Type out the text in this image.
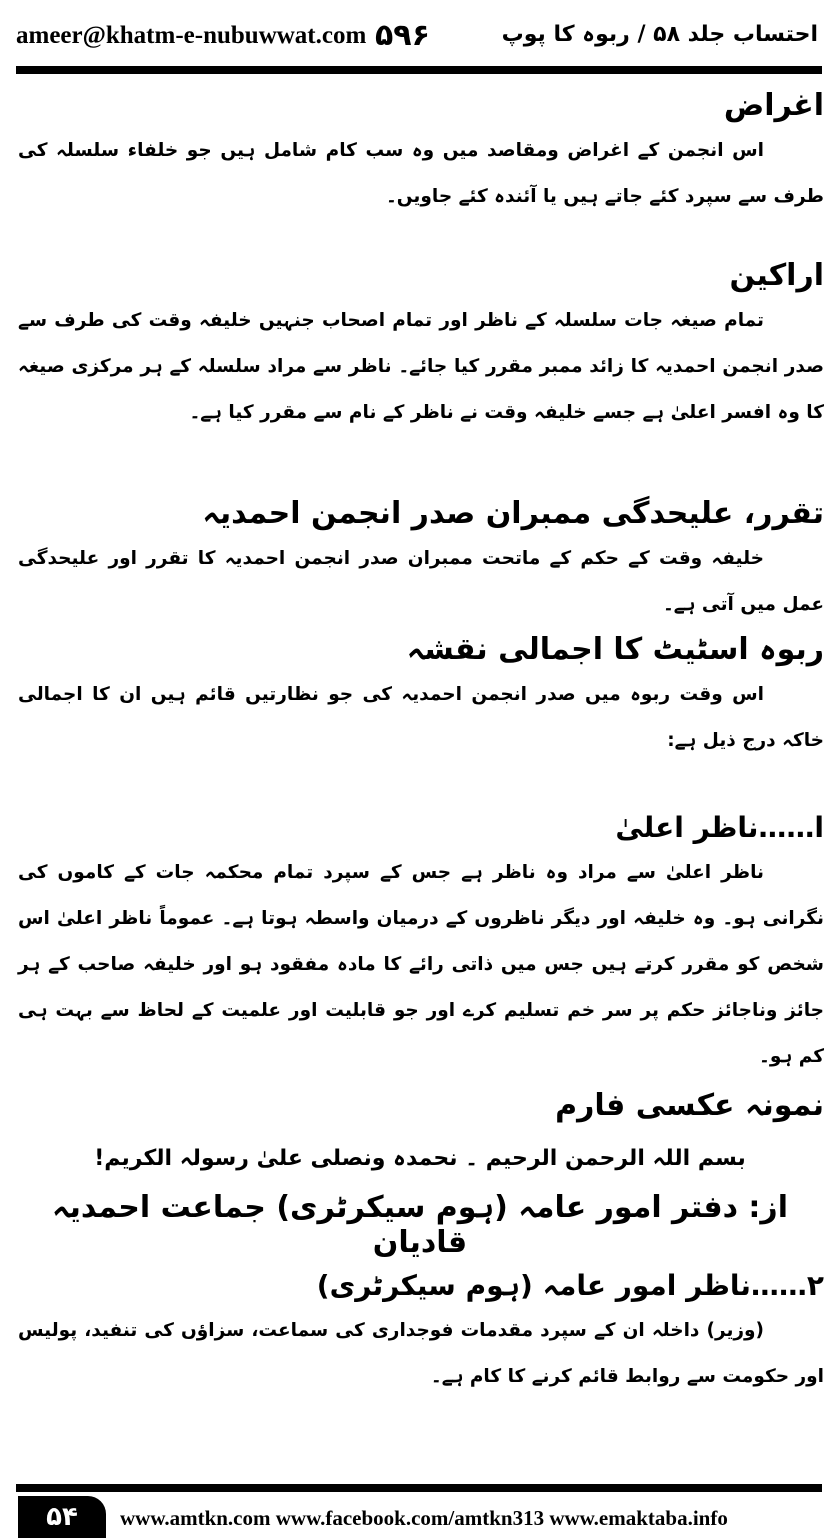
ameer@khatm-e-nubuwwat.com ۵۹۶	احتساب جلد ۵۸ / ربوہ کا پوپ
اغراض
اس انجمن کے اغراض ومقاصد میں وہ سب کام شامل ہیں جو خلفاء سلسلہ کی طرف سے سپرد کئے جاتے ہیں یا آئندہ کئے جاویں۔
اراکین
تمام صیغہ جات سلسلہ کے ناظر اور تمام اصحاب جنہیں خلیفہ وقت کی طرف سے صدر انجمن احمدیہ کا زائد ممبر مقرر کیا جائے۔ ناظر سے مراد سلسلہ کے ہر مرکزی صیغہ کا وہ افسر اعلیٰ ہے جسے خلیفہ وقت نے ناظر کے نام سے مقرر کیا ہے۔
تقرر، علیحدگی ممبران صدر انجمن احمدیہ
خلیفہ وقت کے حکم کے ماتحت ممبران صدر انجمن احمدیہ کا تقرر اور علیحدگی عمل میں آتی ہے۔
ربوہ اسٹیٹ کا اجمالی نقشہ
اس وقت ربوہ میں صدر انجمن احمدیہ کی جو نظارتیں قائم ہیں ان کا اجمالی خاکہ درج ذیل ہے:
ا……ناظر اعلیٰ
ناظر اعلیٰ سے مراد وہ ناظر ہے جس کے سپرد تمام محکمہ جات کے کاموں کی نگرانی ہو۔ وہ خلیفہ اور دیگر ناظروں کے درمیان واسطہ ہوتا ہے۔ عموماً ناظر اعلیٰ اس شخص کو مقرر کرتے ہیں جس میں ذاتی رائے کا مادہ مفقود ہو اور خلیفہ صاحب کے ہر جائز وناجائز حکم پر سر خم تسلیم کرے اور جو قابلیت اور علمیت کے لحاظ سے بہت ہی کم ہو۔
نمونہ عکسی فارم
۲……ناظر امور عامہ (ہوم سیکرٹری)
(وزیر) داخلہ ان کے سپرد مقدمات فوجداری کی سماعت، سزاؤں کی تنفید، پولیس اور حکومت سے روابط قائم کرنے کا کام ہے۔
بسم اللہ الرحمن الرحیم ۔ نحمدہ ونصلی علیٰ رسولہ الکریم!
از: دفتر امور عامہ (ہوم سیکرٹری) جماعت احمدیہ قادیان
۵۴	www.amtkn.com www.facebook.com/amtkn313 www.emaktaba.info
